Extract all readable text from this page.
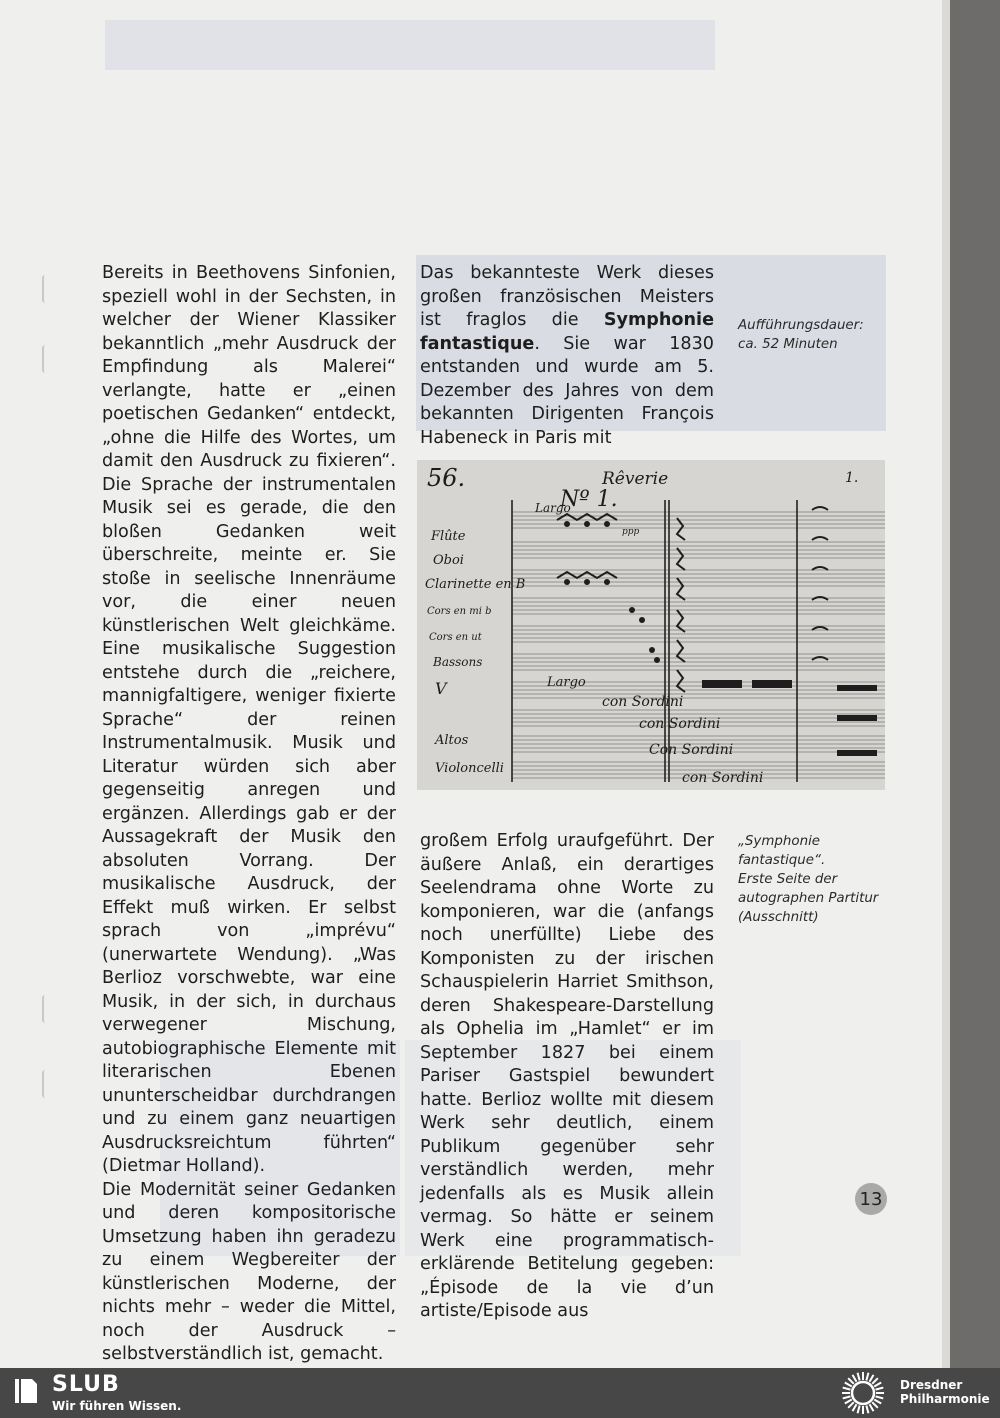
Bereits in Beethovens Sinfonien, speziell wohl in der Sechsten, in welcher der Wiener Klassiker bekanntlich „mehr Ausdruck der Empfindung als Malerei“ verlangte, hatte er „einen poetischen Gedanken“ entdeckt, „ohne die Hilfe des Wortes, um damit den Ausdruck zu fixieren“. Die Sprache der instrumentalen Musik sei es gerade, die den bloßen Gedanken weit überschreite, meinte er. Sie stoße in seelische Innenräume vor, die einer neuen künstlerischen Welt gleichkäme. Eine musikalische Suggestion entstehe durch die „reichere, mannigfaltigere, weniger fixierte Sprache“ der reinen Instrumentalmusik. Musik und Literatur würden sich aber gegenseitig anregen und ergänzen. Allerdings gab er der Aussagekraft der Musik den absoluten Vorrang. Der musikalische Ausdruck, der Effekt muß wirken. Er selbst sprach von „imprévu“ (unerwartete Wendung). „Was Berlioz vorschwebte, war eine Musik, in der sich, in durchaus verwegener Mischung, autobiographische Elemente mit literarischen Ebenen ununterscheidbar durchdrangen und zu einem ganz neuartigen Ausdrucksreichtum führten“ (Dietmar Holland).

Die Modernität seiner Gedanken und deren kompositorische Umsetzung haben ihn geradezu zu einem Wegbereiter der künstlerischen Moderne, der nichts mehr – weder die Mittel, noch der Ausdruck – selbstverständlich ist, gemacht.

Das bekannteste Werk dieses großen französischen Meisters ist fraglos die Symphonie fantastique. Sie war 1830 entstanden und wurde am 5. Dezember des Jahres von dem bekannten Dirigenten François Habeneck in Paris mit

Aufführungsdauer:

ca. 52 Minuten

56.	Rêverie
Nº 1.
Largo
1.
Largo
Flûte
Oboi
Clarinette en B
Cors en mi b
Cors en ut
Bassons
V
Altos
Violoncelli
ppp
con Sordini
con Sordini
Con Sordini
con Sordini

großem Erfolg uraufgeführt. Der äußere Anlaß, ein derartiges Seelendrama ohne Worte zu komponieren, war die (anfangs noch unerfüllte) Liebe des Komponisten zu der irischen Schauspielerin Harriet Smithson, deren Shakespeare-Darstellung als Ophelia im „Hamlet“ er im September 1827 bei einem Pariser Gastspiel bewundert hatte. Berlioz wollte mit diesem Werk sehr deutlich, einem Publikum gegenüber sehr verständlich werden, mehr jedenfalls als es Musik allein vermag. So hätte er seinem Werk eine programmatisch-erklärende Betitelung gegeben: „Épisode de la vie d’un artiste/Episode aus

„Symphonie

fantastique“.

Erste Seite der

autographen Partitur

(Ausschnitt)

13
SLUB
Wir führen Wissen.
Dresdner
Philharmonie
